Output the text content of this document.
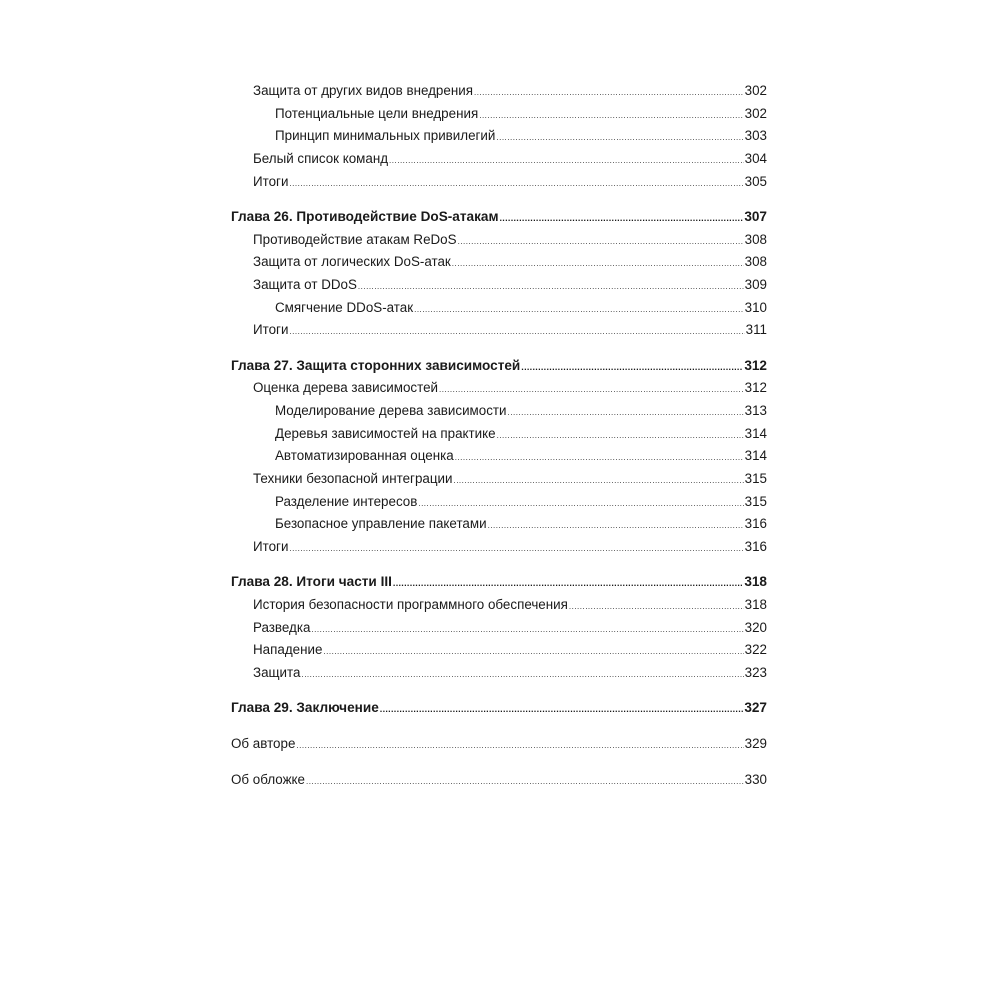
Защита от других видов внедрения .....	302
Потенциальные цели внедрения .....	302
Принцип минимальных привилегий .....	303
Белый список команд .....	304
Итоги .....	305
Глава 26. Противодействие DoS-атакам .....	307
Противодействие атакам ReDoS .....	308
Защита от логических DoS-атак .....	308
Защита от DDoS .....	309
Смягчение DDoS-атак .....	310
Итоги .....	311
Глава 27. Защита сторонних зависимостей .....	312
Оценка дерева зависимостей .....	312
Моделирование дерева зависимости .....	313
Деревья зависимостей на практике .....	314
Автоматизированная оценка .....	314
Техники безопасной интеграции .....	315
Разделение интересов .....	315
Безопасное управление пакетами .....	316
Итоги .....	316
Глава 28. Итоги части III .....	318
История безопасности программного обеспечения .....	318
Разведка .....	320
Нападение .....	322
Защита .....	323
Глава 29. Заключение .....	327
Об авторе .....	329
Об обложке .....	330
